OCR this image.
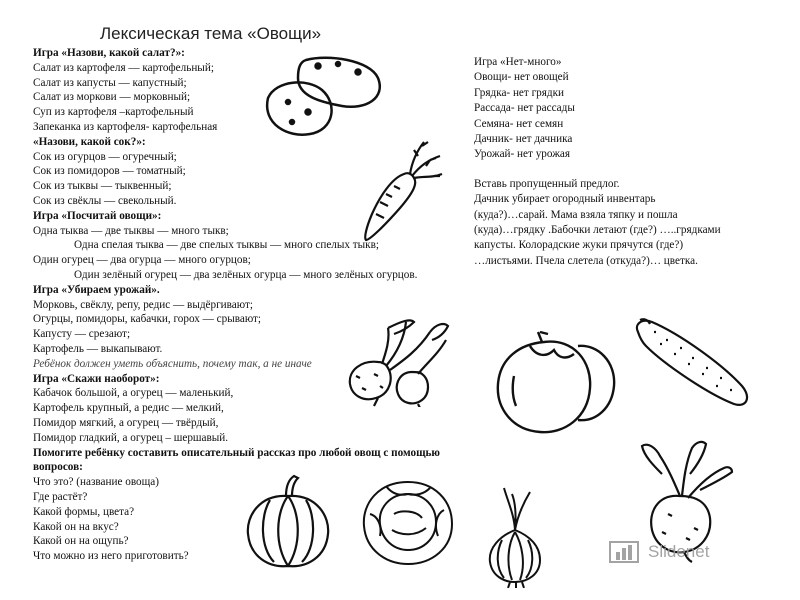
Лексическая тема «Овощи»
Игра «Назови, какой салат?»:
Салат из картофеля — картофельный;
Салат из капусты — капустный;
Салат из моркови — морковный;
Суп из картофеля –картофельный
Запеканка из картофеля- картофельная
«Назови, какой сок?»:
Сок из огурцов — огуречный;
Сок из помидоров — томатный;
Сок из тыквы — тыквенный;
Сок из свёклы — свекольный.
Игра «Посчитай овощи»:
Одна тыква — две тыквы — много тыкв;
Одна спелая тыква — две спелых тыквы — много спелых тыкв;
Один огурец — два огурца — много огурцов;
Один зелёный огурец — два зелёных огурца — много зелёных огурцов.
Игра «Убираем урожай».
Морковь, свёклу, репу, редис — выдёргивают;
Огурцы, помидоры, кабачки, горох — срывают;
Капусту — срезают;
Картофель — выкапывают.
Ребёнок должен уметь объяснить, почему так, а не иначе
Игра «Скажи наоборот»:
Кабачок большой, а огурец — маленький,
Картофель крупный, а редис — мелкий,
Помидор мягкий, а огурец — твёрдый,
Помидор гладкий, а огурец – шершавый.
Помогите ребёнку составить описательный рассказ про любой овощ с помощью
вопросов:
Что это? (название овоща)
Где растёт?
Какой формы, цвета?
Какой он на вкус?
Какой он на ощупь?
Что можно из него приготовить?
Игра «Нет-много»
Овощи- нет овощей
Грядка- нет грядки
Рассада- нет рассады
Семяна- нет семян
Дачник- нет дачника
Урожай- нет урожая
Вставь пропущенный предлог.
Дачник убирает огородный инвентарь
(куда?)…сарай. Мама взяла тяпку и пошла
(куда)…грядку .Бабочки летают (где?) …..грядками
капусты. Колорадские жуки прячутся (где?)
…листьями. Пчела слетела (откуда?)… цветка.
Slidenet
